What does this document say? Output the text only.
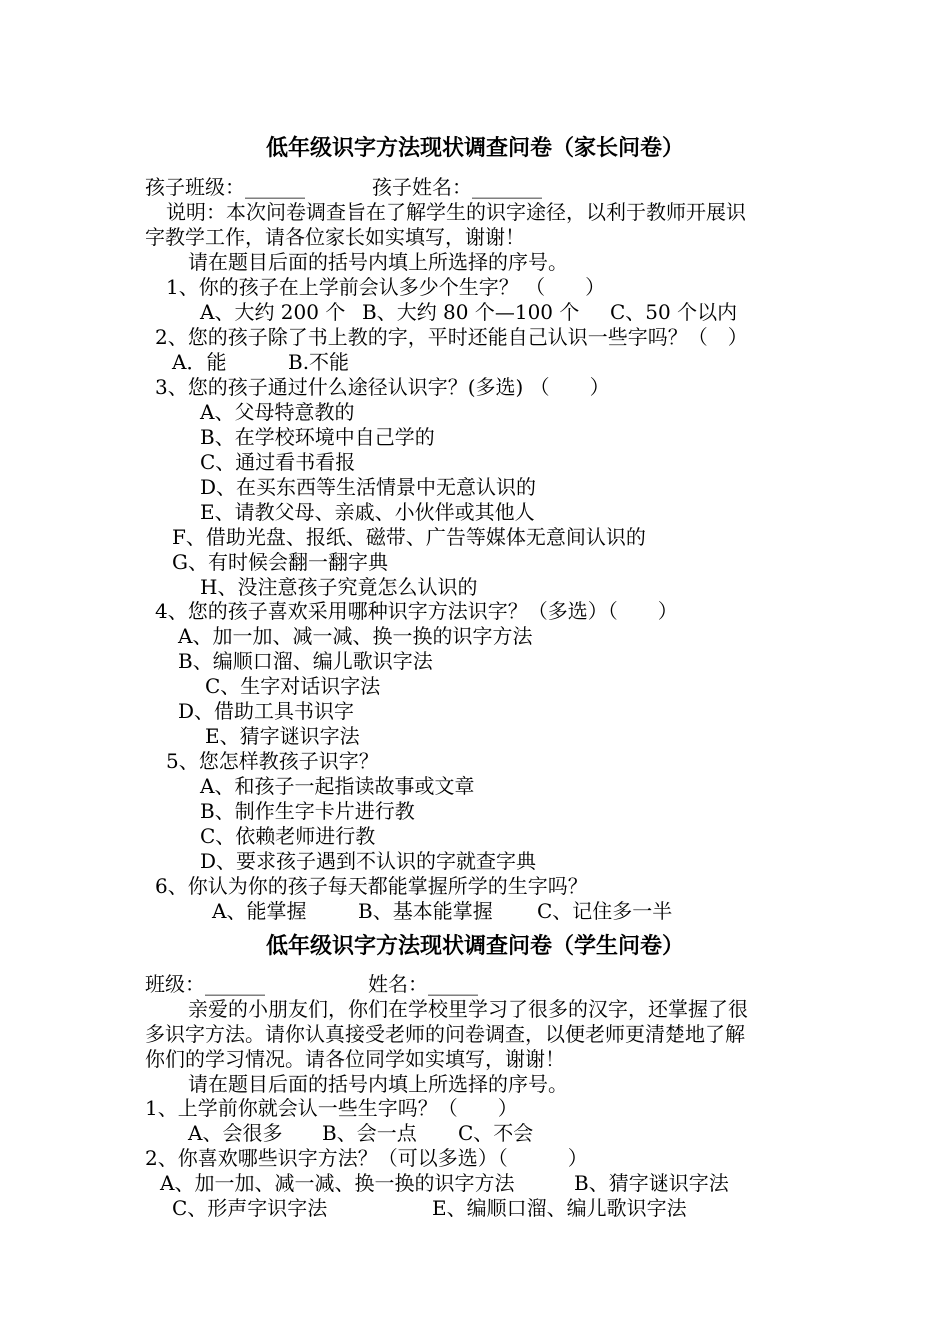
低年级识字方法现状调查问卷（家长问卷）
孩子班级：______	孩子姓名：_______
说明：本次问卷调查旨在了解学生的识字途径，以利于教师开展识
字教学工作，请各位家长如实填写，谢谢！
请在题目后面的括号内填上所选择的序号。
1、你的孩子在上学前会认多少个生字？ （　　）
A、大约 200 个 B、大约 80 个—100 个 C、50 个以内
2、您的孩子除了书上教的字，平时还能自己认识一些字吗？（　）
A．能	B.不能
3、您的孩子通过什么途径认识字？(多选) （　　）
A、父母特意教的
B、在学校环境中自己学的
C、通过看书看报
D、在买东西等生活情景中无意认识的
E、请教父母、亲戚、小伙伴或其他人
F、借助光盘、报纸、磁带、广告等媒体无意间认识的
G、有时候会翻一翻字典
H、没注意孩子究竟怎么认识的
4、您的孩子喜欢采用哪种识字方法识字？（多选）（　　）
A、加一加、减一减、换一换的识字方法
B、编顺口溜、编儿歌识字法
C、生字对话识字法
D、借助工具书识字
E、猜字谜识字法
5、您怎样教孩子识字？
A、和孩子一起指读故事或文章
B、制作生字卡片进行教
C、依赖老师进行教
D、要求孩子遇到不认识的字就查字典
6、你认为你的孩子每天都能掌握所学的生字吗？
A、能掌握	B、基本能掌握 C、记住多一半
低年级识字方法现状调查问卷（学生问卷）
班级：______	姓名：_____
亲爱的小朋友们，你们在学校里学习了很多的汉字，还掌握了很
多识字方法。请你认真接受老师的问卷调查，以便老师更清楚地了解
你们的学习情况。请各位同学如实填写，谢谢！
请在题目后面的括号内填上所选择的序号。
1、上学前你就会认一些生字吗？（　　）
A、会很多 B、会一点 C、不会
2、你喜欢哪些识字方法？（可以多选）（　　　）
A、加一加、减一减、换一换的识字方法	B、猜字谜识字法
C、形声字识字法	E、编顺口溜、编儿歌识字法
